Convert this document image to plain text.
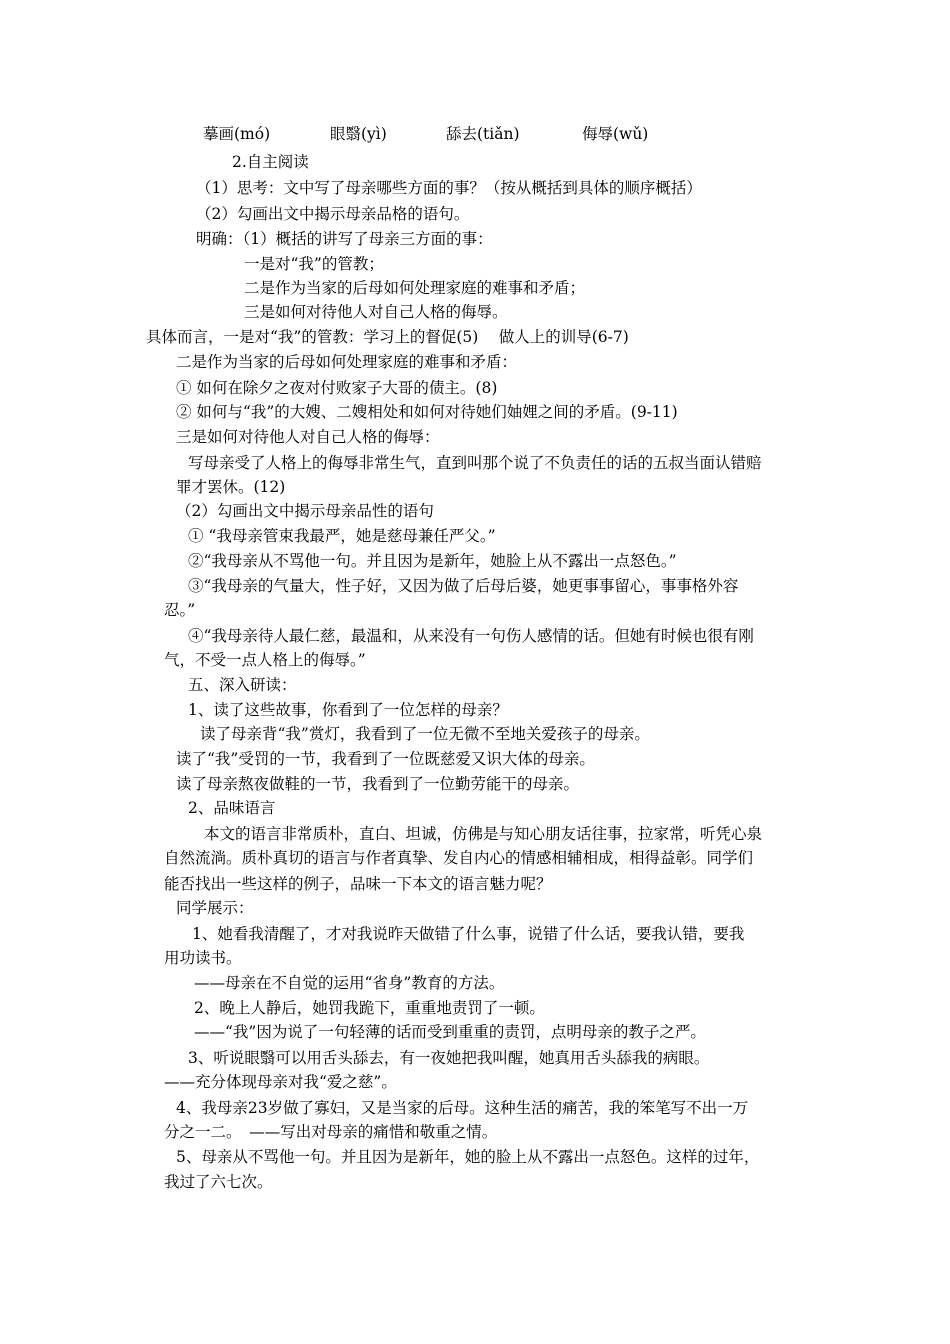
摹画(mó)	眼翳(yì)	舔去(tiǎn)	侮辱(wǔ)
2.自主阅读
（1）思考：文中写了母亲哪些方面的事？（按从概括到具体的顺序概括）
（2）勾画出文中揭示母亲品格的语句。
明确：（1）概括的讲写了母亲三方面的事：
一是对“我”的管教；
二是作为当家的后母如何处理家庭的难事和矛盾；
三是如何对待他人对自己人格的侮辱。
具体而言，一是对“我”的管教：学习上的督促(5)　 做人上的训导(6-7)
二是作为当家的后母如何处理家庭的难事和矛盾：
① 如何在除夕之夜对付败家子大哥的债主。(8)
② 如何与“我”的大嫂、二嫂相处和如何对待她们妯娌之间的矛盾。(9-11)
三是如何对待他人对自己人格的侮辱：
写母亲受了人格上的侮辱非常生气，直到叫那个说了不负责任的话的五叔当面认错赔
罪才罢休。(12)
（2）勾画出文中揭示母亲品性的语句
① “我母亲管束我最严，她是慈母兼任严父。”
②“我母亲从不骂他一句。并且因为是新年，她脸上从不露出一点怒色。”
③“我母亲的气量大，性子好，又因为做了后母后婆，她更事事留心，事事格外容
忍。”
④“我母亲待人最仁慈，最温和，从来没有一句伤人感情的话。但她有时候也很有刚
气，不受一点人格上的侮辱。”
五、深入研读：
1、读了这些故事，你看到了一位怎样的母亲？
读了母亲背“我”赏灯，我看到了一位无微不至地关爱孩子的母亲。
读了“我”受罚的一节，我看到了一位既慈爱又识大体的母亲。
读了母亲熬夜做鞋的一节，我看到了一位勤劳能干的母亲。
2、品味语言
本文的语言非常质朴，直白、坦诚，仿佛是与知心朋友话往事，拉家常，听凭心泉
自然流淌。质朴真切的语言与作者真挚、发自内心的情感相辅相成，相得益彰。同学们
能否找出一些这样的例子，品味一下本文的语言魅力呢？
同学展示：
1、她看我清醒了，才对我说昨天做错了什么事，说错了什么话，要我认错，要我
用功读书。
——母亲在不自觉的运用“省身”教育的方法。
2、晚上人静后，她罚我跪下，重重地责罚了一顿。
——“我”因为说了一句轻薄的话而受到重重的责罚，点明母亲的教子之严。
3、听说眼翳可以用舌头舔去，有一夜她把我叫醒，她真用舌头舔我的病眼。
——充分体现母亲对我“爱之慈”。
4、我母亲23岁做了寡妇，又是当家的后母。这种生活的痛苦，我的笨笔写不出一万
分之一二。　——写出对母亲的痛惜和敬重之情。
5、母亲从不骂他一句。并且因为是新年，她的脸上从不露出一点怒色。这样的过年，
我过了六七次。
